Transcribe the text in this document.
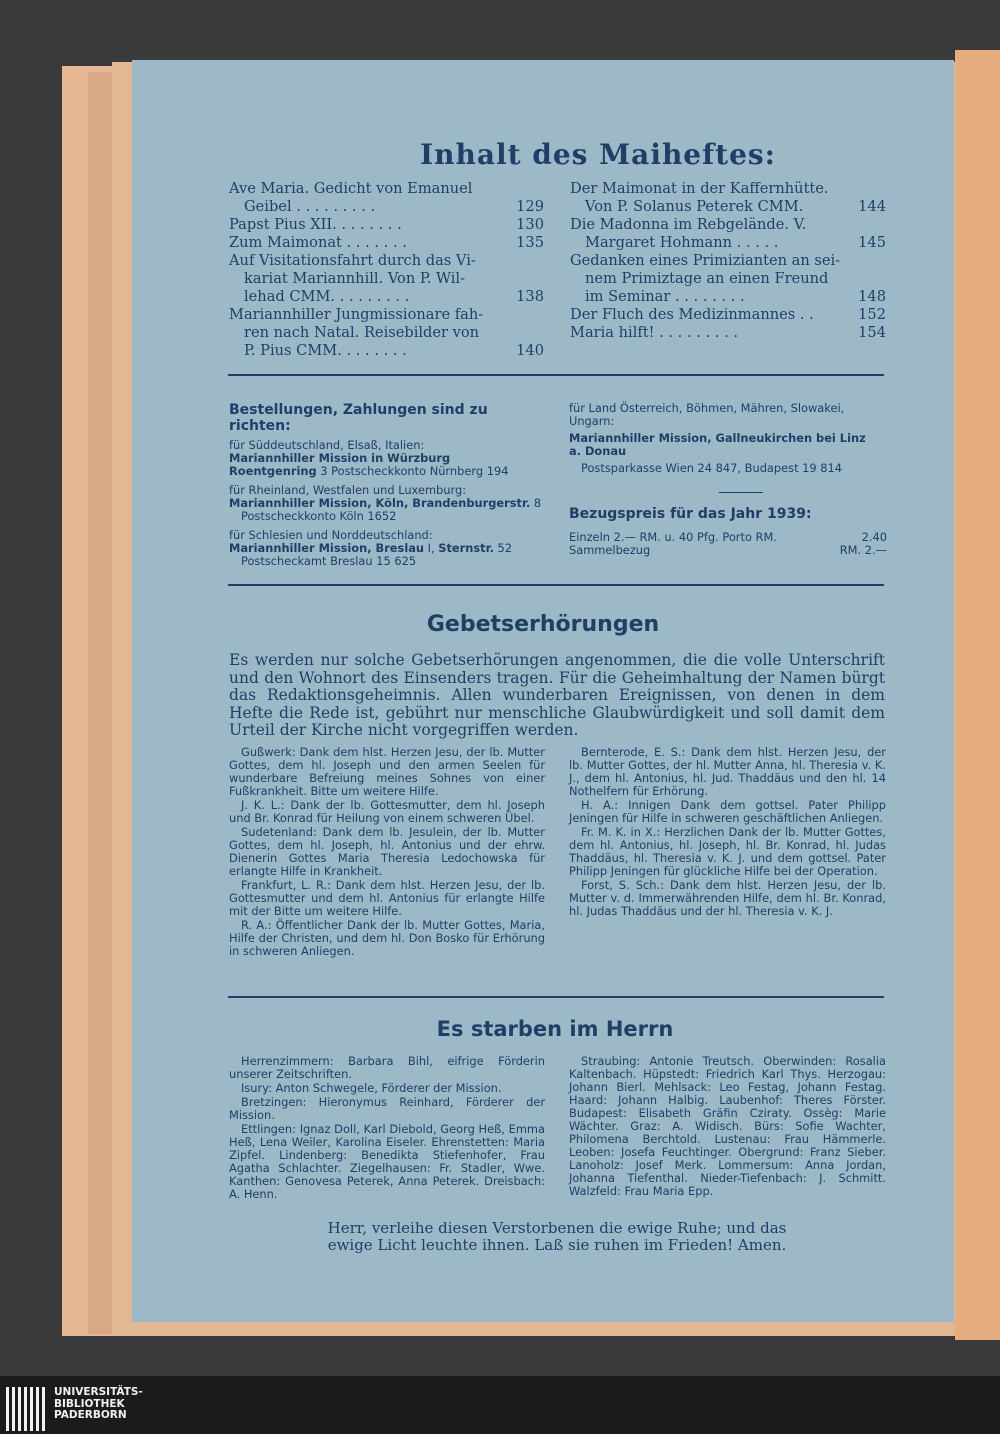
Inhalt des Maiheftes:
Ave Maria. Gedicht von Emanuel
Geibel . . . . . . . . .	129
Papst Pius XII. . . . . . . .	130
Zum Maimonat . . . . . . .	135
Auf Visitationsfahrt durch das Vi-
kariat Mariannhill. Von P. Wil-
lehad CMM. . . . . . . . .	138
Mariannhiller Jungmissionare fah-
ren nach Natal. Reisebilder von
P. Pius CMM. . . . . . . .	140
Der Maimonat in der Kaffernhütte.
Von P. Solanus Peterek CMM.	144
Die Madonna im Rebgelände. V.
Margaret Hohmann . . . . .	145
Gedanken eines Primizianten an sei-
nem Primiztage an einen Freund
im Seminar . . . . . . . .	148
Der Fluch des Medizinmannes . .	152
Maria hilft! . . . . . . . . .	154
Bestellungen, Zahlungen sind zu richten:
für Süddeutschland, Elsaß, Italien:
Mariannhiller Mission in Würzburg
Roentgenring 3 Postscheckkonto Nürnberg 194
für Rheinland, Westfalen und Luxemburg:
Mariannhiller Mission, Köln, Brandenburgerstr. 8
Postscheckkonto Köln 1652
für Schlesien und Norddeutschland:
Mariannhiller Mission, Breslau I, Sternstr. 52
Postscheckamt Breslau 15 625
für Land Österreich, Böhmen, Mähren, Slowakei,
Ungarn:
Mariannhiller Mission, Gallneukirchen bei Linz
a. Donau
Postsparkasse Wien 24 847, Budapest 19 814
Bezugspreis für das Jahr 1939:
Einzeln 2.— RM. u. 40 Pfg. Porto RM.	2.40
Sammelbezug	RM. 2.—
Gebetserhörungen
Es werden nur solche Gebetserhörungen angenommen, die die volle Unterschrift und den Wohnort des Einsenders tragen. Für die Geheimhaltung der Namen bürgt das Redaktionsgeheimnis. Allen wunderbaren Ereignissen, von denen in dem Hefte die Rede ist, gebührt nur menschliche Glaubwürdigkeit und soll damit dem Urteil der Kirche nicht vorgegriffen werden.
Gußwerk: Dank dem hlst. Herzen Jesu, der lb. Mutter Gottes, dem hl. Joseph und den armen Seelen für wunderbare Befreiung meines Sohnes von einer Fußkrankheit. Bitte um weitere Hilfe.
J. K. L.: Dank der lb. Gottesmutter, dem hl. Joseph und Br. Konrad für Heilung von einem schweren Übel.
Sudetenland: Dank dem lb. Jesulein, der lb. Mutter Gottes, dem hl. Joseph, hl. Antonius und der ehrw. Dienerin Gottes Maria Theresia Ledochowska für erlangte Hilfe in Krankheit.
Frankfurt, L. R.: Dank dem hlst. Herzen Jesu, der lb. Gottesmutter und dem hl. Antonius für erlangte Hilfe mit der Bitte um weitere Hilfe.
R. A.: Öffentlicher Dank der lb. Mutter Gottes, Maria, Hilfe der Christen, und dem hl. Don Bosko für Erhörung in schweren Anliegen.
Bernterode, E. S.: Dank dem hlst. Herzen Jesu, der lb. Mutter Gottes, der hl. Mutter Anna, hl. Theresia v. K. J., dem hl. Antonius, hl. Jud. Thaddäus und den hl. 14 Nothelfern für Erhörung.
H. A.: Innigen Dank dem gottsel. Pater Philipp Jeningen für Hilfe in schweren geschäftlichen Anliegen.
Fr. M. K. in X.: Herzlichen Dank der lb. Mutter Gottes, dem hl. Antonius, hl. Joseph, hl. Br. Konrad, hl. Judas Thaddäus, hl. Theresia v. K. J. und dem gottsel. Pater Philipp Jeningen für glückliche Hilfe bei der Operation.
Forst, S. Sch.: Dank dem hlst. Herzen Jesu, der lb. Mutter v. d. Immerwährenden Hilfe, dem hl. Br. Konrad, hl. Judas Thaddäus und der hl. Theresia v. K. J.
Es starben im Herrn
Herrenzimmern: Barbara Bihl, eifrige Förderin unserer Zeitschriften.
Isury: Anton Schwegele, Förderer der Mission.
Bretzingen: Hieronymus Reinhard, Förderer der Mission.
Ettlingen: Ignaz Doll, Karl Diebold, Georg Heß, Emma Heß, Lena Weiler, Karolina Eiseler. Ehrenstetten: Maria Zipfel. Lindenberg: Benedikta Stiefenhofer, Frau Agatha Schlachter. Ziegelhausen: Fr. Stadler, Wwe. Kanthen: Genovesa Peterek, Anna Peterek. Dreisbach: A. Henn.
Straubing: Antonie Treutsch. Oberwinden: Rosalia Kaltenbach. Hüpstedt: Friedrich Karl Thys. Herzogau: Johann Bierl. Mehlsack: Leo Festag, Johann Festag. Haard: Johann Halbig. Laubenhof: Theres Förster. Budapest: Elisabeth Gräfin Cziraty. Ossèg: Marie Wächter. Graz: A. Widisch. Bürs: Sofie Wachter, Philomena Berchtold. Lustenau: Frau Hämmerle. Leoben: Josefa Feuchtinger. Obergrund: Franz Sieber. Lanoholz: Josef Merk. Lommersum: Anna Jordan, Johanna Tiefenthal. Nieder-Tiefenbach: J. Schmitt. Walzfeld: Frau Maria Epp.
Herr, verleihe diesen Verstorbenen die ewige Ruhe; und das
ewige Licht leuchte ihnen. Laß sie ruhen im Frieden! Amen.
UNIVERSITÄTS-
BIBLIOTHEK
PADERBORN
